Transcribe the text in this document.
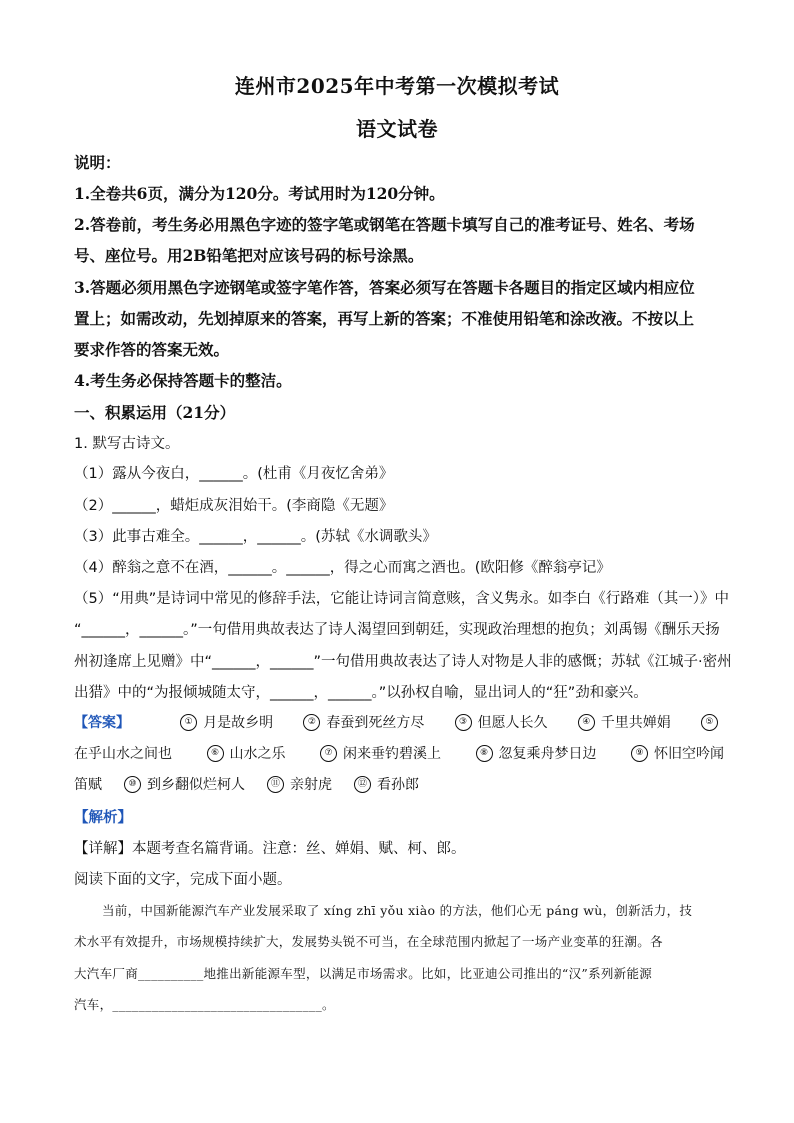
连州市2025年中考第一次模拟考试
语文试卷
说明：
1.全卷共6页，满分为120分。考试用时为120分钟。
2.答卷前，考生务必用黑色字迹的签字笔或钢笔在答题卡填写自己的准考证号、姓名、考场
号、座位号。用2B铅笔把对应该号码的标号涂黑。
3.答题必须用黑色字迹钢笔或签字笔作答，答案必须写在答题卡各题目的指定区域内相应位
置上；如需改动，先划掉原来的答案，再写上新的答案；不准使用铅笔和涂改液。不按以上
要求作答的答案无效。
4.考生务必保持答题卡的整洁。
一、积累运用（21分）
1. 默写古诗文。
（1）露从今夜白，______。(杜甫《月夜忆舍弟》
（2）______，蜡炬成灰泪始干。(李商隐《无题》
（3）此事古难全。______，______。(苏轼《水调歌头》
（4）醉翁之意不在酒，______。______，得之心而寓之酒也。(欧阳修《醉翁亭记》
（5）“用典”是诗词中常见的修辞手法，它能让诗词言简意赅，含义隽永。如李白《行路难（其一）》中
“______，______。”一句借用典故表达了诗人渴望回到朝廷，实现政治理想的抱负；刘禹锡《酬乐天扬
州初逢席上见赠》中“______，______”一句借用典故表达了诗人对物是人非的感慨；苏轼《江城子·密州
出猎》中的“为报倾城随太守，______，______。”以孙权自喻，显出词人的“狂”劲和豪兴。
【答案】	① 月是故乡明	② 春蚕到死丝方尽	③ 但愿人长久	④ 千里共婵娟	⑤
在乎山水之间也	⑥ 山水之乐	⑦ 闲来垂钓碧溪上	⑧ 忽复乘舟梦日边	⑨ 怀旧空吟闻
笛赋	⑩ 到乡翻似烂柯人	⑪ 亲射虎	⑫ 看孙郎
【解析】
【详解】本题考查名篇背诵。注意：丝、婵娟、赋、柯、郎。
阅读下面的文字，完成下面小题。
当前，中国新能源汽车产业发展采取了 xíng zhī yǒu xiào 的方法，他们心无 páng wù，创新活力，技
术水平有效提升，市场规模持续扩大，发展势头锐不可当，在全球范围内掀起了一场产业变革的狂潮。各
大汽车厂商__________地推出新能源车型，以满足市场需求。比如，比亚迪公司推出的“汉”系列新能源
汽车，________________________________。
